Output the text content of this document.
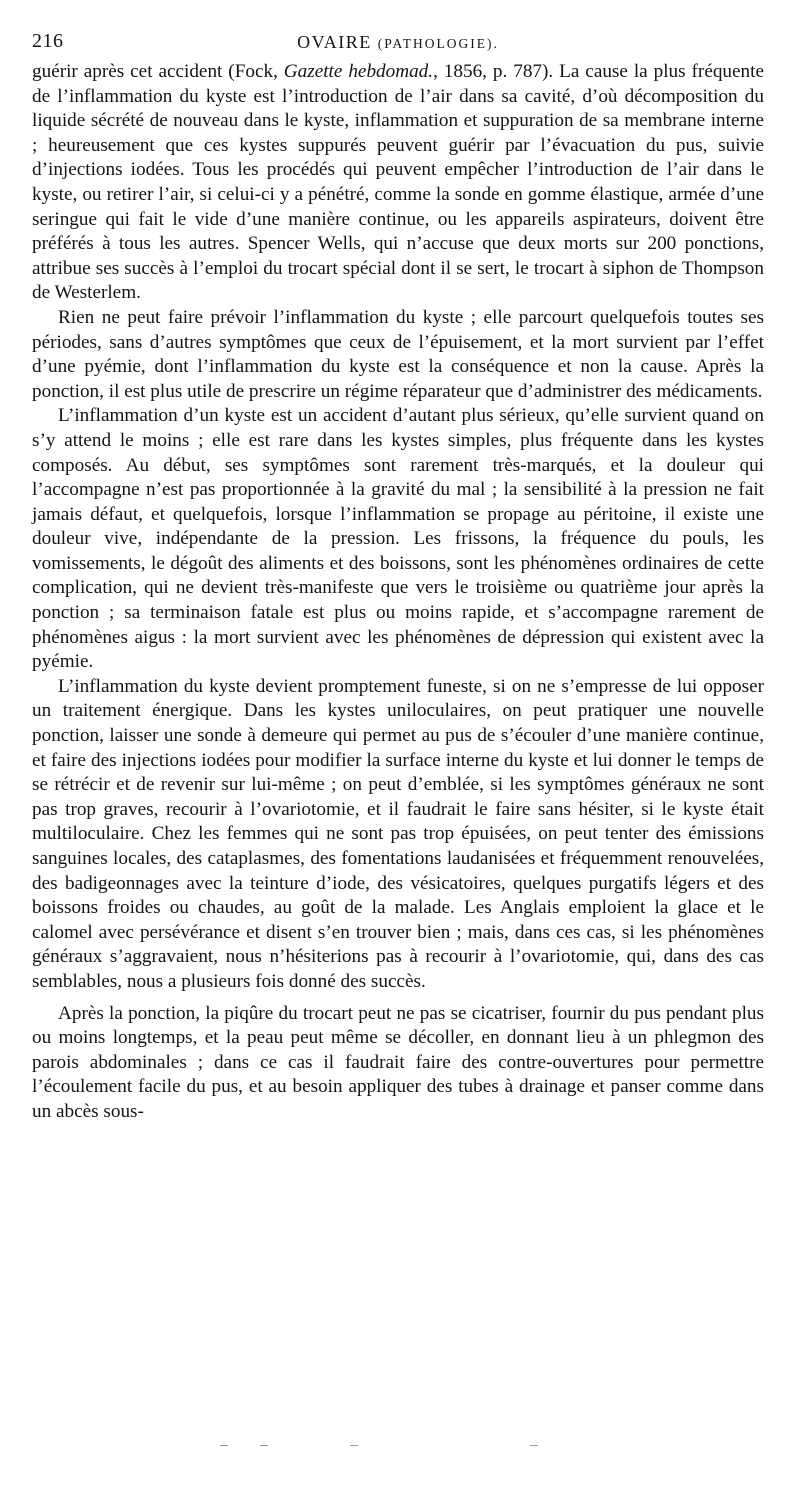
216	OVAIRE (PATHOLOGIE).

guérir après cet accident (Fock, Gazette hebdomad., 1856, p. 787). La cause la plus fréquente de l’inflammation du kyste est l’introduction de l’air dans sa cavité, d’où décomposition du liquide sécrété de nouveau dans le kyste, inflammation et suppuration de sa membrane interne ; heureusement que ces kystes suppurés peuvent guérir par l’évacuation du pus, suivie d’injections iodées. Tous les procédés qui peuvent empêcher l’introduction de l’air dans le kyste, ou retirer l’air, si celui-ci y a pénétré, comme la sonde en gomme élastique, armée d’une seringue qui fait le vide d’une manière continue, ou les appareils aspirateurs, doivent être préférés à tous les autres. Spencer Wells, qui n’accuse que deux morts sur 200 ponctions, attribue ses succès à l’emploi du trocart spécial dont il se sert, le trocart à siphon de Thompson de Westerlem.

Rien ne peut faire prévoir l’inflammation du kyste ; elle parcourt quelquefois toutes ses périodes, sans d’autres symptômes que ceux de l’épuisement, et la mort survient par l’effet d’une pyémie, dont l’inflammation du kyste est la conséquence et non la cause. Après la ponction, il est plus utile de prescrire un régime réparateur que d’administrer des médicaments.

L’inflammation d’un kyste est un accident d’autant plus sérieux, qu’elle survient quand on s’y attend le moins ; elle est rare dans les kystes simples, plus fréquente dans les kystes composés. Au début, ses symptômes sont rarement très-marqués, et la douleur qui l’accompagne n’est pas proportionnée à la gravité du mal ; la sensibilité à la pression ne fait jamais défaut, et quelquefois, lorsque l’inflammation se propage au péritoine, il existe une douleur vive, indépendante de la pression. Les frissons, la fréquence du pouls, les vomissements, le dégoût des aliments et des boissons, sont les phénomènes ordinaires de cette complication, qui ne devient très-manifeste que vers le troisième ou quatrième jour après la ponction ; sa terminaison fatale est plus ou moins rapide, et s’accompagne rarement de phénomènes aigus : la mort survient avec les phénomènes de dépression qui existent avec la pyémie.

L’inflammation du kyste devient promptement funeste, si on ne s’empresse de lui opposer un traitement énergique. Dans les kystes uniloculaires, on peut pratiquer une nouvelle ponction, laisser une sonde à demeure qui permet au pus de s’écouler d’une manière continue, et faire des injections iodées pour modifier la surface interne du kyste et lui donner le temps de se rétrécir et de revenir sur lui-même ; on peut d’emblée, si les symptômes généraux ne sont pas trop graves, recourir à l’ovariotomie, et il faudrait le faire sans hésiter, si le kyste était multiloculaire. Chez les femmes qui ne sont pas trop épuisées, on peut tenter des émissions sanguines locales, des cataplasmes, des fomentations laudanisées et fréquemment renouvelées, des badigeonnages avec la teinture d’iode, des vésicatoires, quelques purgatifs légers et des boissons froides ou chaudes, au goût de la malade. Les Anglais emploient la glace et le calomel avec persévérance et disent s’en trouver bien ; mais, dans ces cas, si les phénomènes généraux s’aggravaient, nous n’hésiterions pas à recourir à l’ovariotomie, qui, dans des cas semblables, nous a plusieurs fois donné des succès.

Après la ponction, la piqûre du trocart peut ne pas se cicatriser, fournir du pus pendant plus ou moins longtemps, et la peau peut même se décoller, en donnant lieu à un phlegmon des parois abdominales ; dans ce cas il faudrait faire des contre-ouvertures pour permettre l’écoulement facile du pus, et au besoin appliquer des tubes à drainage et panser comme dans un abcès sous-
